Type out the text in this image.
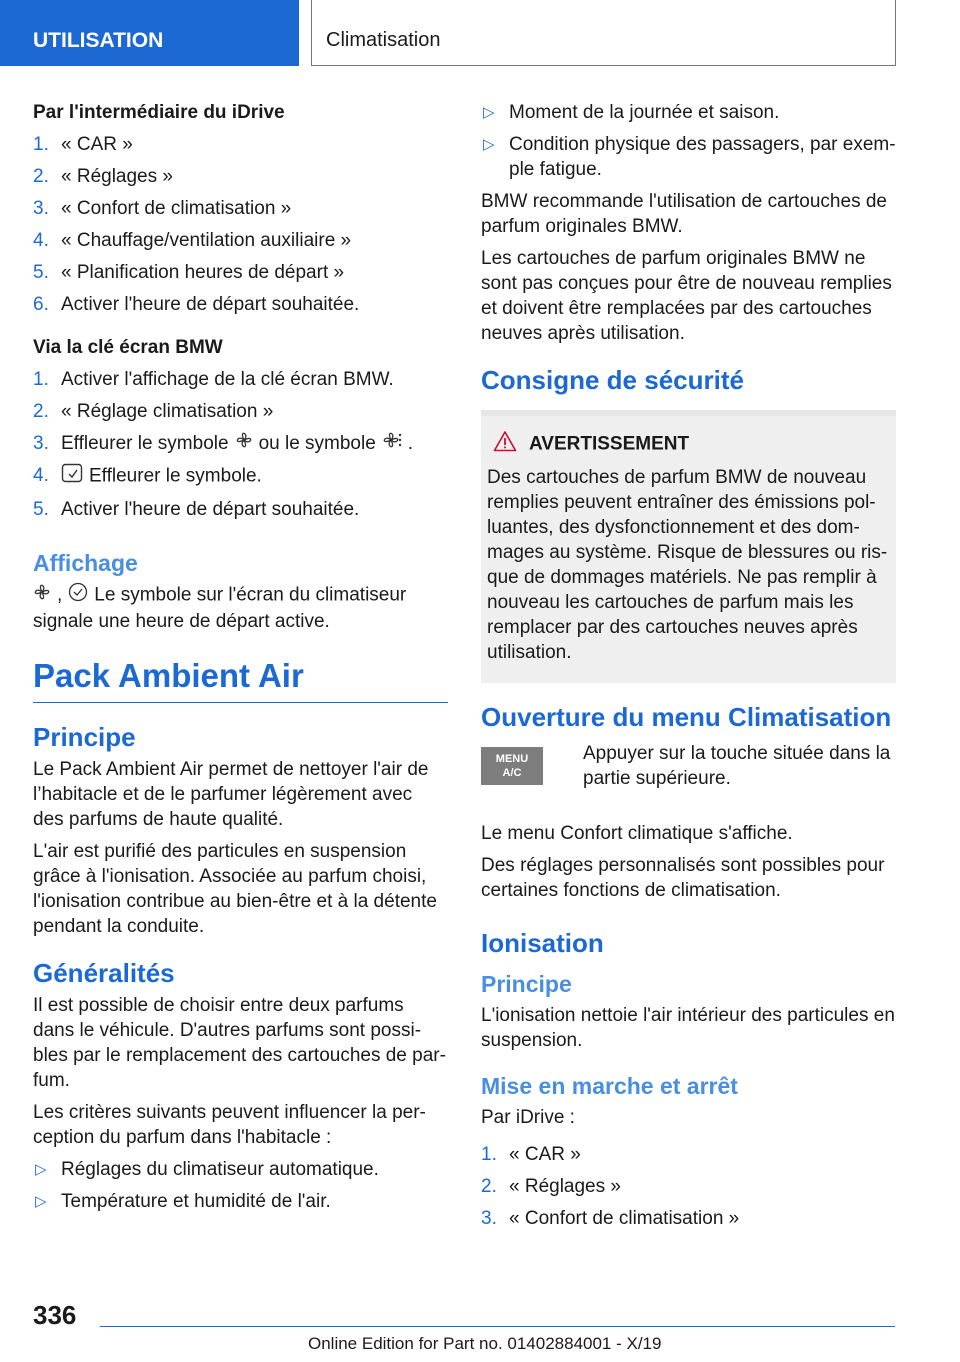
UTILISATION	Climatisation

Par l'intermédiaire du iDrive

1. « CAR »
2. « Réglages »
3. « Confort de climatisation »
4. « Chauffage/ventilation auxiliaire »
5. « Planification heures de départ »
6. Activer l'heure de départ souhaitée.

Via la clé écran BMW

1. Activer l'affichage de la clé écran BMW.
2. « Réglage climatisation »
3. Effleurer le symbole ou le symbole .
4. Effleurer le symbole.
5. Activer l'heure de départ souhaitée.
Affichage

, Le symbole sur l'écran du climatiseur
signale une heure de départ active.

Pack Ambient Air
Principe

Le Pack Ambient Air permet de nettoyer l'air de l’habitacle et de le parfumer légèrement avec des parfums de haute qualité.

L'air est purifié des particules en suspension grâce à l'ionisation. Associée au parfum choisi, l'ionisation contribue au bien-être et à la détente pendant la conduite.

Généralités

Il est possible de choisir entre deux parfums dans le véhicule. D'autres parfums sont possi- bles par le remplacement des cartouches de par- fum.

Les critères suivants peuvent influencer la per- ception du parfum dans l'habitacle :

▷ Réglages du climatiseur automatique.
▷ Température et humidité de l'air.
▷ Moment de la journée et saison.
▷ Condition physique des passagers, par exem- ple fatigue.

BMW recommande l'utilisation de cartouches de parfum originales BMW.

Les cartouches de parfum originales BMW ne sont pas conçues pour être de nouveau remplies et doivent être remplacées par des cartouches neuves après utilisation.

Consigne de sécurité
AVERTISSEMENT

Des cartouches de parfum BMW de nouveau remplies peuvent entraîner des émissions pol- luantes, des dysfonctionnement et des dom- mages au système. Risque de blessures ou ris- que de dommages matériels. Ne pas remplir à nouveau les cartouches de parfum mais les remplacer par des cartouches neuves après utilisation.

Ouverture du menu Climatisation
MENU
A/C

Appuyer sur la touche située dans la partie supérieure.

Le menu Confort climatique s'affiche.

Des réglages personnalisés sont possibles pour certaines fonctions de climatisation.

Ionisation
Principe

L'ionisation nettoie l'air intérieur des particules en suspension.

Mise en marche et arrêt

Par iDrive :

1. « CAR »
2. « Réglages »
3. « Confort de climatisation »
336
Online Edition for Part no. 01402884001 - X/19
